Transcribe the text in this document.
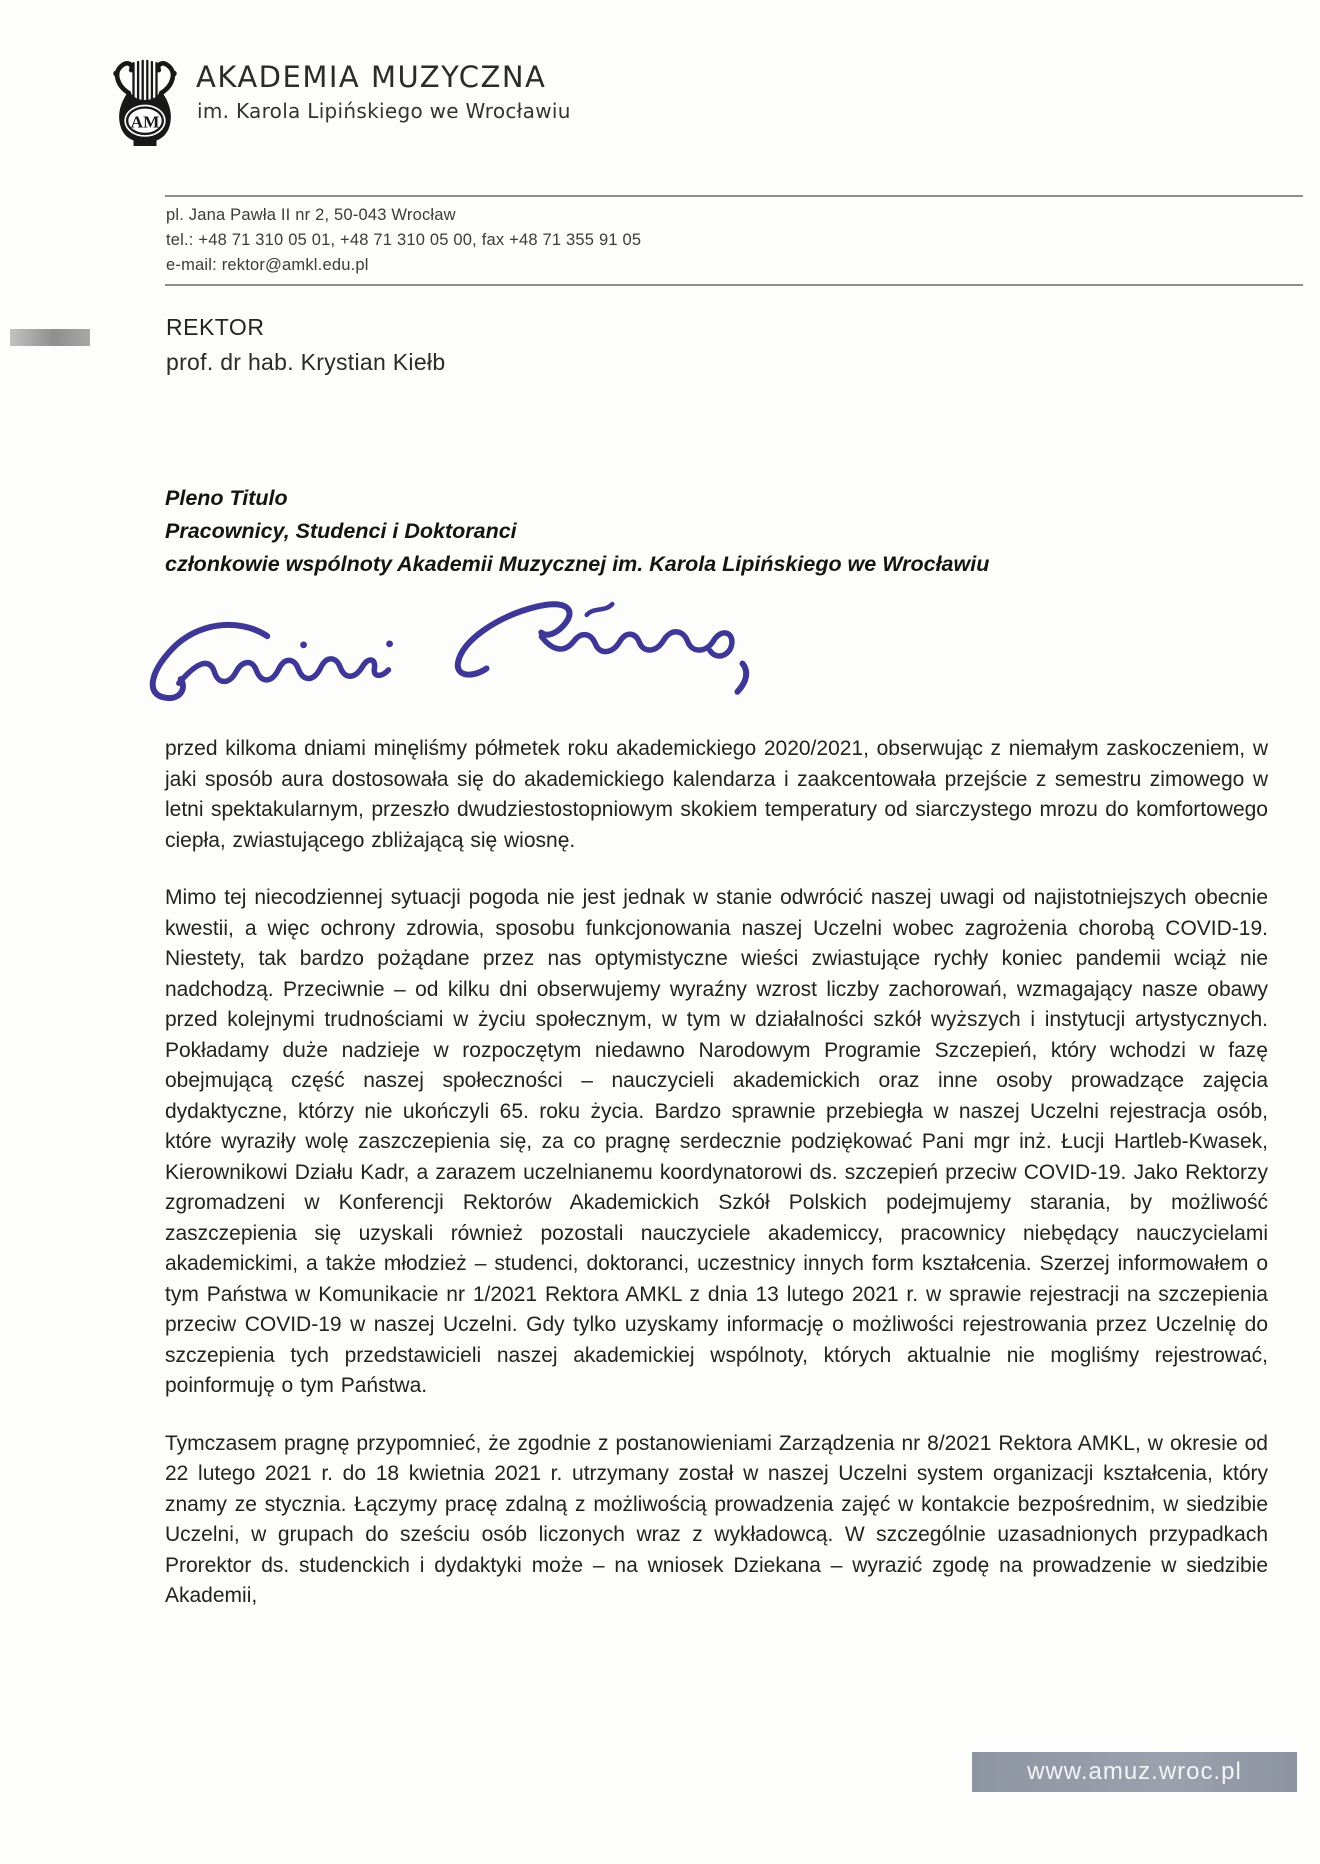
AM
AKADEMIA MUZYCZNA
im. Karola Lipińskiego we Wrocławiu
pl. Jana Pawła II nr 2, 50-043 Wrocław
tel.: +48 71 310 05 01, +48 71 310 05 00, fax +48 71 355 91 05
e-mail: rektor@amkl.edu.pl
REKTOR
prof. dr hab. Krystian Kiełb
Pleno Titulo
Pracownicy, Studenci i Doktoranci
członkowie wspólnoty Akademii Muzycznej im. Karola Lipińskiego we Wrocławiu

przed kilkoma dniami minęliśmy półmetek roku akademickiego 2020/2021, obserwując z niemałym zaskoczeniem, w jaki sposób aura dostosowała się do akademickiego kalendarza i zaakcentowała przejście z semestru zimowego w letni spektakularnym, przeszło dwudziestostopniowym skokiem temperatury od siarczystego mrozu do komfortowego ciepła, zwiastującego zbliżającą się wiosnę.

Mimo tej niecodziennej sytuacji pogoda nie jest jednak w stanie odwrócić naszej uwagi od najistotniejszych obecnie kwestii, a więc ochrony zdrowia, sposobu funkcjonowania naszej Uczelni wobec zagrożenia chorobą COVID-19. Niestety, tak bardzo pożądane przez nas optymistyczne wieści zwiastujące rychły koniec pandemii wciąż nie nadchodzą. Przeciwnie – od kilku dni obserwujemy wyraźny wzrost liczby zachorowań, wzmagający nasze obawy przed kolejnymi trudnościami w życiu społecznym, w tym w działalności szkół wyższych i instytucji artystycznych. Pokładamy duże nadzieje w rozpoczętym niedawno Narodowym Programie Szczepień, który wchodzi w fazę obejmującą część naszej społeczności – nauczycieli akademickich oraz inne osoby prowadzące zajęcia dydaktyczne, którzy nie ukończyli 65. roku życia. Bardzo sprawnie przebiegła w naszej Uczelni rejestracja osób, które wyraziły wolę zaszczepienia się, za co pragnę serdecznie podziękować Pani mgr inż. Łucji Hartleb-Kwasek, Kierownikowi Działu Kadr, a zarazem uczelnianemu koordynatorowi ds. szczepień przeciw COVID-19. Jako Rektorzy zgromadzeni w Konferencji Rektorów Akademickich Szkół Polskich podejmujemy starania, by możliwość zaszczepienia się uzyskali również pozostali nauczyciele akademiccy, pracownicy niebędący nauczycielami akademickimi, a także młodzież – studenci, doktoranci, uczestnicy innych form kształcenia. Szerzej informowałem o tym Państwa w Komunikacie nr 1/2021 Rektora AMKL z dnia 13 lutego 2021 r. w sprawie rejestracji na szczepienia przeciw COVID-19 w naszej Uczelni. Gdy tylko uzyskamy informację o możliwości rejestrowania przez Uczelnię do szczepienia tych przedstawicieli naszej akademickiej wspólnoty, których aktualnie nie mogliśmy rejestrować, poinformuję o tym Państwa.

Tymczasem pragnę przypomnieć, że zgodnie z postanowieniami Zarządzenia nr 8/2021 Rektora AMKL, w okresie od 22 lutego 2021 r. do 18 kwietnia 2021 r. utrzymany został w naszej Uczelni system organizacji kształcenia, który znamy ze stycznia. Łączymy pracę zdalną z możliwością prowadzenia zajęć w kontakcie bezpośrednim, w siedzibie Uczelni, w grupach do sześciu osób liczonych wraz z wykładowcą. W szczególnie uzasadnionych przypadkach Prorektor ds. studenckich i dydaktyki może – na wniosek Dziekana – wyrazić zgodę na prowadzenie w siedzibie Akademii,

www.amuz.wroc.pl
